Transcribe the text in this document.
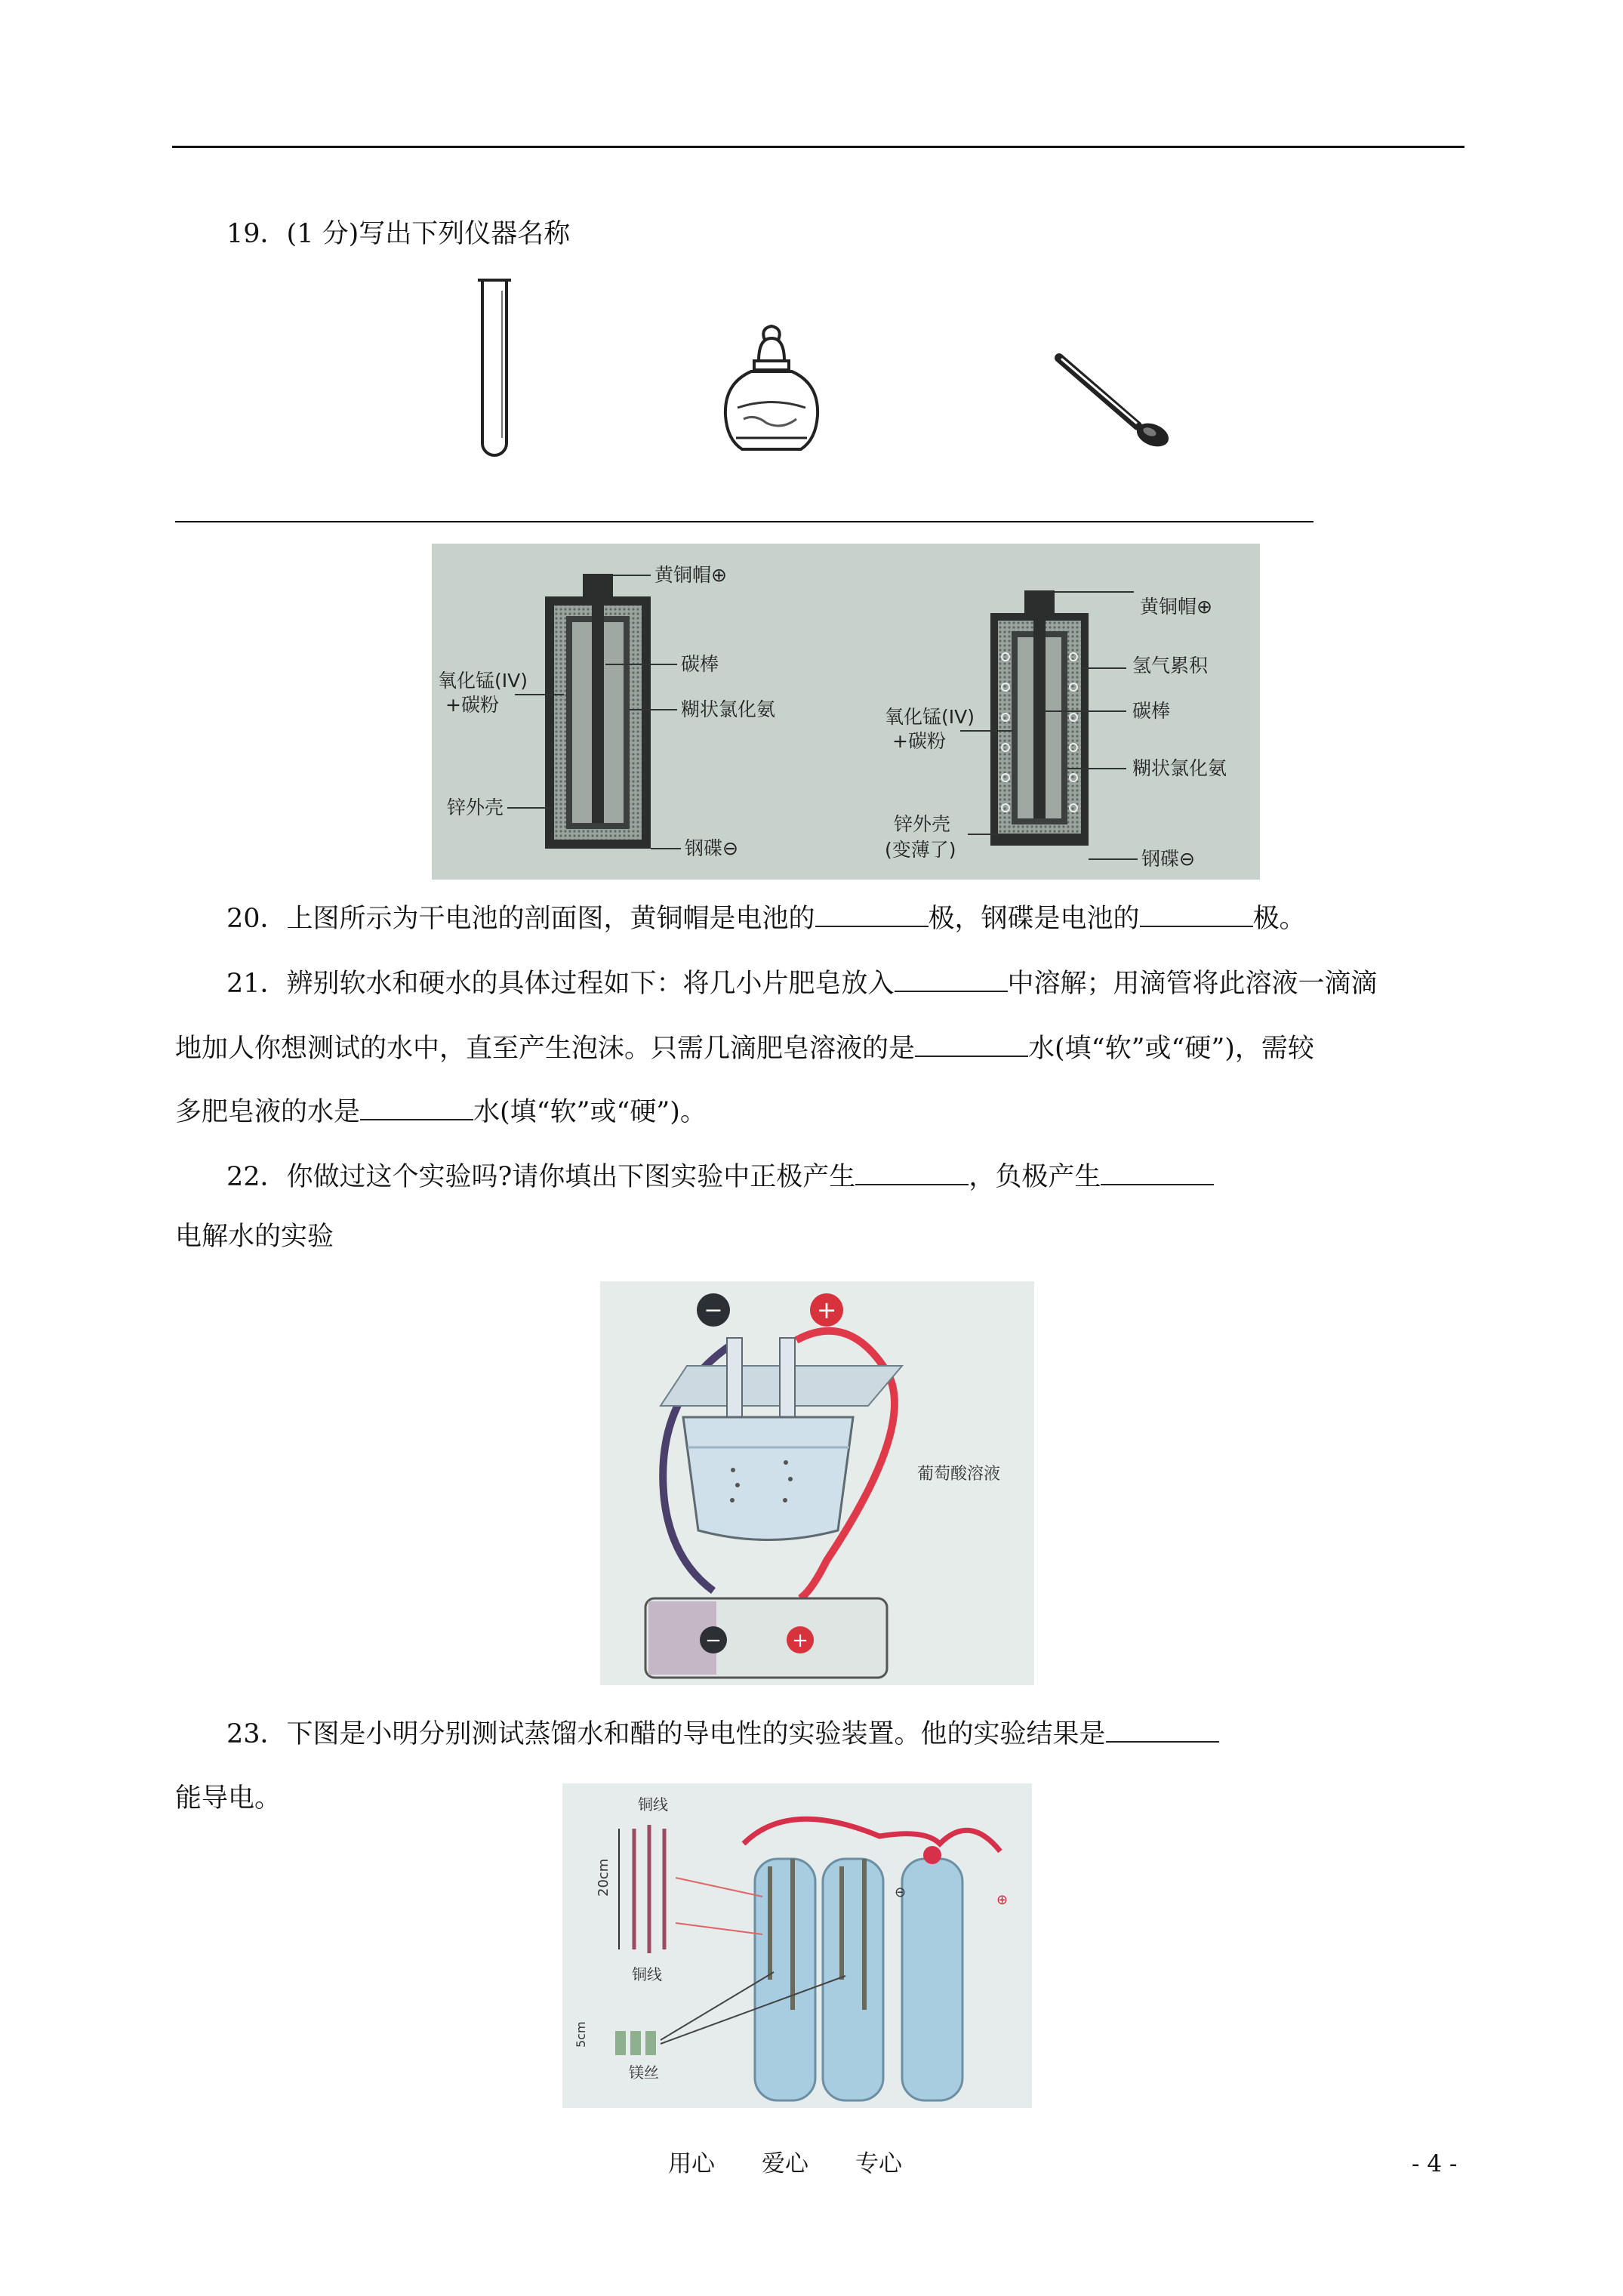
19．(1 分)写出下列仪器名称
黄铜帽⊕
碳棒
糊状氯化氨
钢碟⊖
锌外壳
氧化锰(IV)
+碳粉
黄铜帽⊕
氢气累积
碳棒
糊状氯化氨
钢碟⊖
锌外壳
(变薄了)
氧化锰(IV)
+碳粉
20．上图所示为干电池的剖面图，黄铜帽是电池的	极，钢碟是电池的	极。
21．辨别软水和硬水的具体过程如下：将几小片肥皂放入	中溶解；用滴管将此溶液一滴滴
地加人你想测试的水中，直至产生泡沫。只需几滴肥皂溶液的是	水(填“软”或“硬”)，需较
多肥皂液的水是	水(填“软”或“硬”)。
22．你做过这个实验吗?请你填出下图实验中正极产生	，负极产生
电解水的实验
−	+
葡萄酸溶液
−	+
23．下图是小明分别测试蒸馏水和醋的导电性的实验装置。他的实验结果是
能导电。	铜线
铜线
20cm
5cm
镁丝
⊖	⊕
用心　　爱心　　专心	- 4 -
